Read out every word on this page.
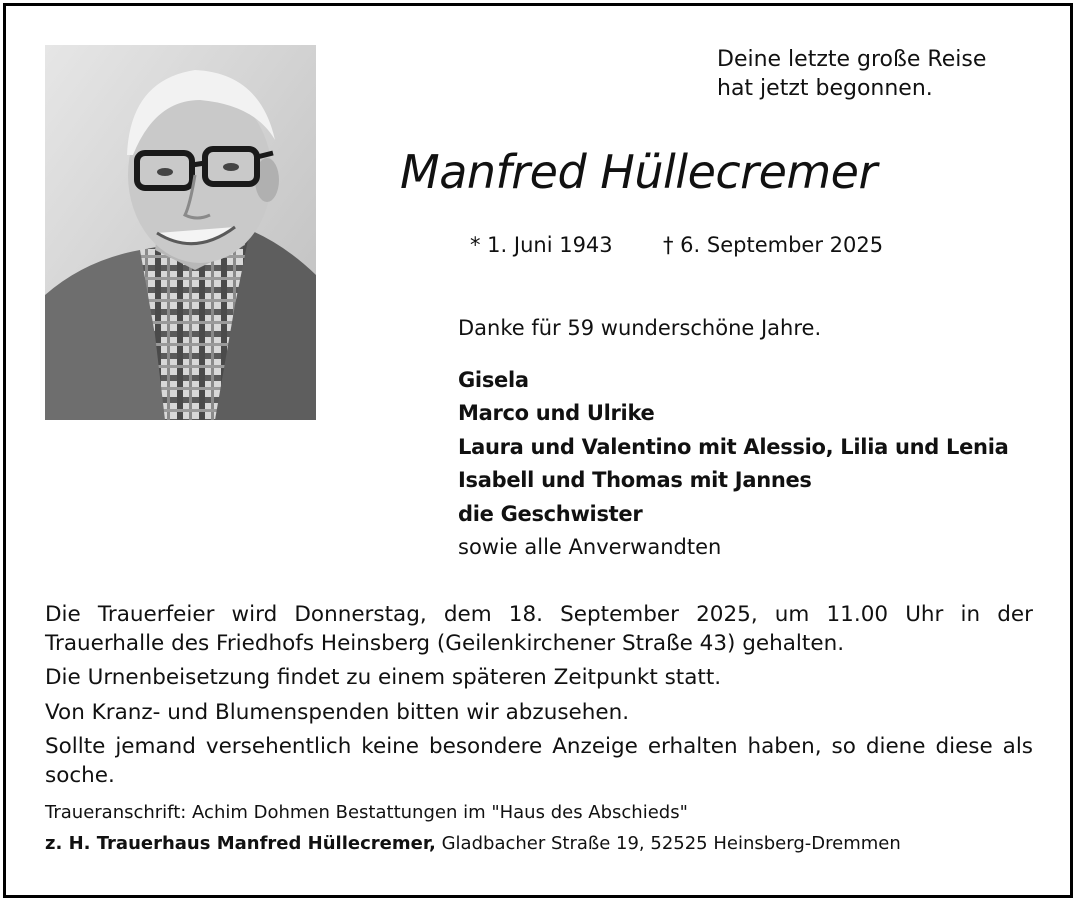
Deine letzte große Reise
hat jetzt begonnen.
Manfred Hüllecremer
* 1. Juni 1943 † 6. September 2025
Danke für 59 wunderschöne Jahre.
Gisela
Marco und Ulrike
Laura und Valentino mit Alessio, Lilia und Lenia
Isabell und Thomas mit Jannes
die Geschwister
sowie alle Anverwandten

Die Trauerfeier wird Donnerstag, dem 18. September 2025, um 11.00 Uhr in der Trauerhalle des Friedhofs Heinsberg (Geilenkirchener Straße 43) gehalten.

Die Urnenbeisetzung findet zu einem späteren Zeitpunkt statt.

Von Kranz- und Blumenspenden bitten wir abzusehen.

Sollte jemand versehentlich keine besondere Anzeige erhalten haben, so diene diese als soche.

Traueranschrift: Achim Dohmen Bestattungen im "Haus des Abschieds"
z. H. Trauerhaus Manfred Hüllecremer, Gladbacher Straße 19, 52525 Heinsberg-Dremmen
